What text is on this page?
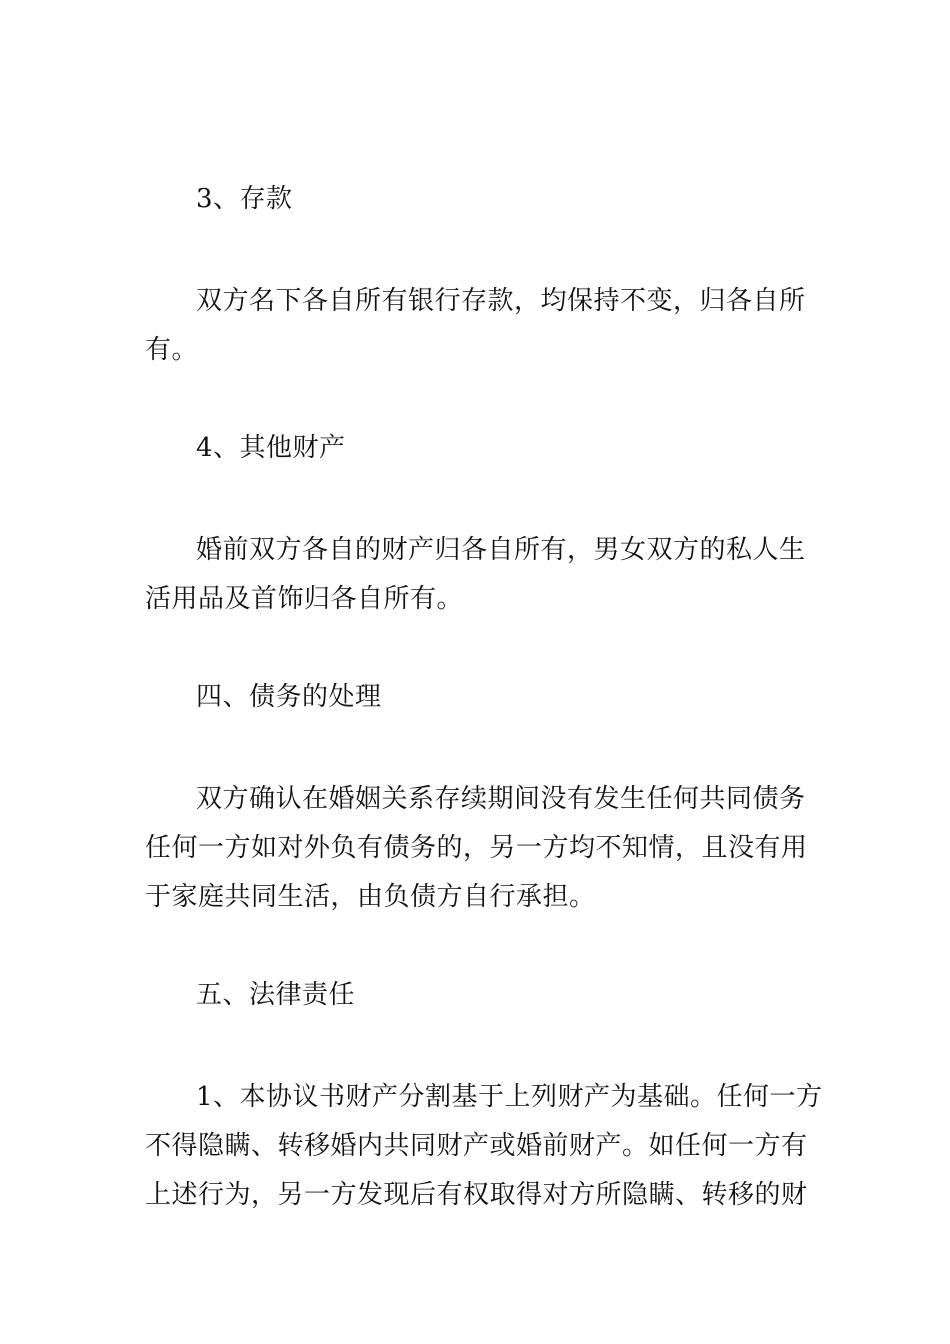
3、存款
双方名下各自所有银行存款，均保持不变，归各自所
有。
4、其他财产
婚前双方各自的财产归各自所有，男女双方的私人生
活用品及首饰归各自所有。
四、债务的处理
双方确认在婚姻关系存续期间没有发生任何共同债务
任何一方如对外负有债务的，另一方均不知情，且没有用
于家庭共同生活，由负债方自行承担。
五、法律责任
1、本协议书财产分割基于上列财产为基础。任何一方
不得隐瞒、转移婚内共同财产或婚前财产。如任何一方有
上述行为，另一方发现后有权取得对方所隐瞒、转移的财
